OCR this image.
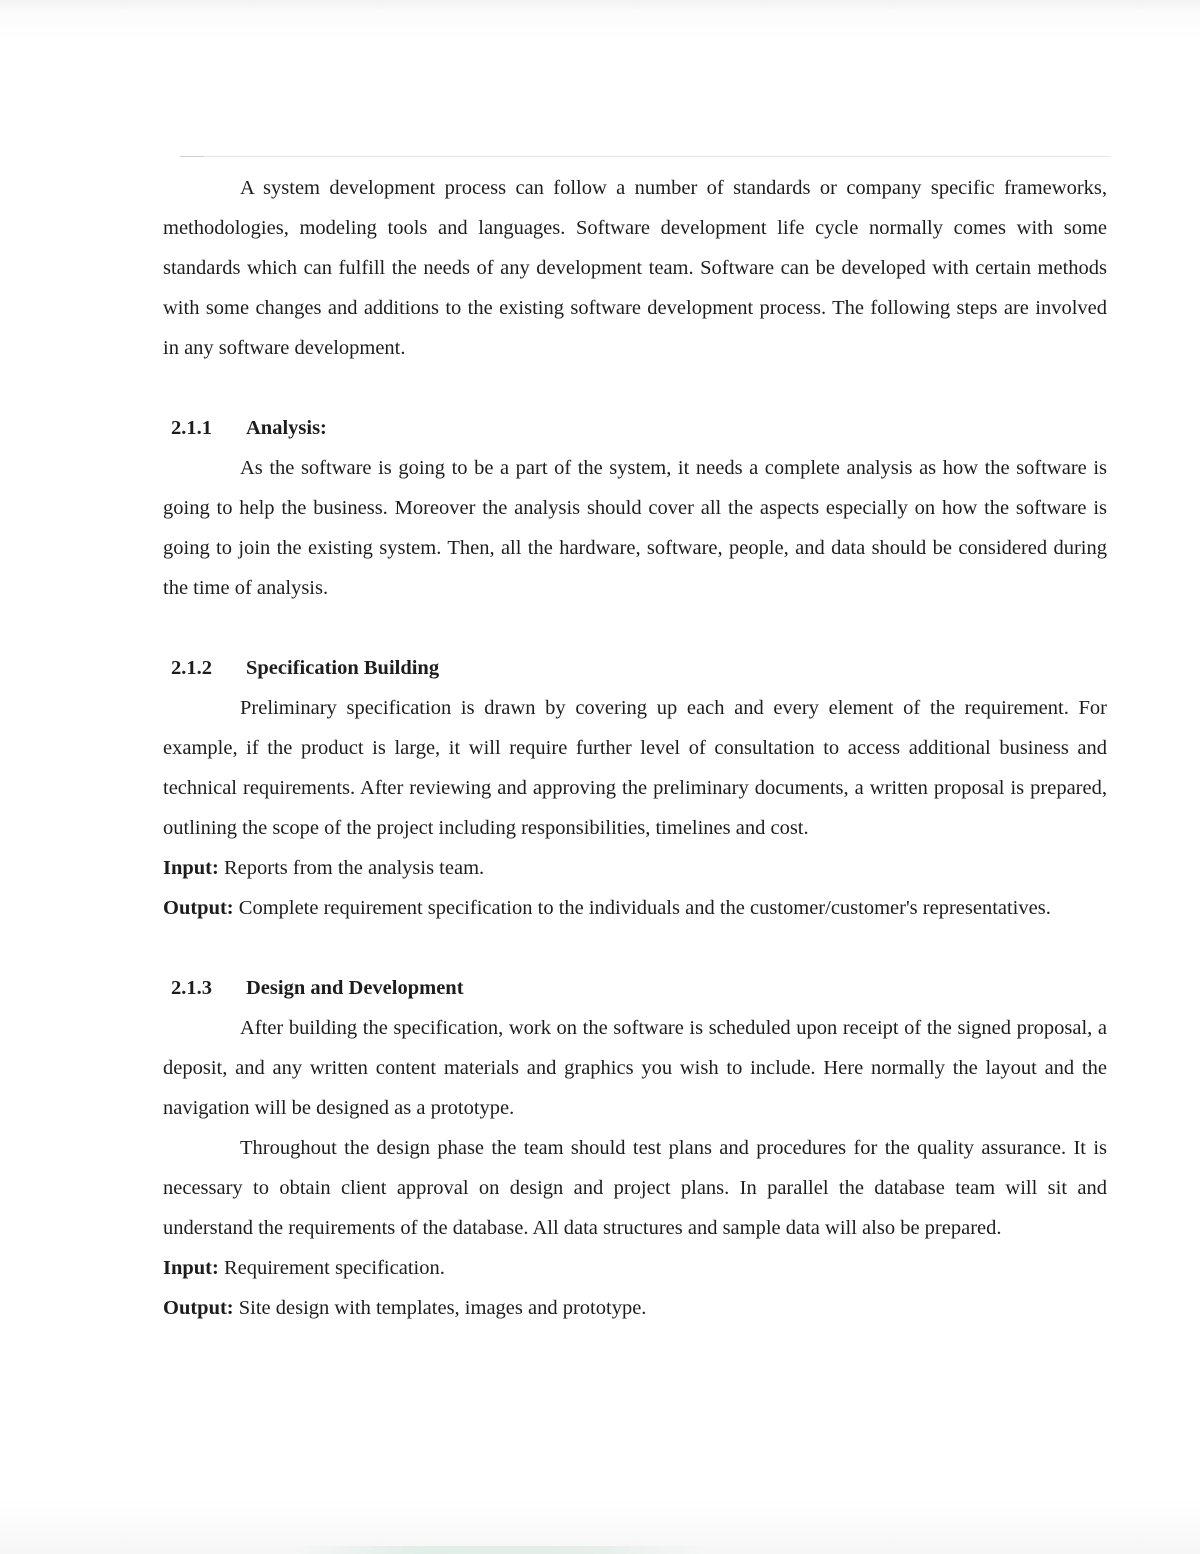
A system development process can follow a number of standards or company specific frameworks, methodologies, modeling tools and languages. Software development life cycle normally comes with some standards which can fulfill the needs of any development team. Software can be developed with certain methods with some changes and additions to the existing software development process. The following steps are involved in any software development.

2.1.1	Analysis:

As the software is going to be a part of the system, it needs a complete analysis as how the software is going to help the business. Moreover the analysis should cover all the aspects especially on how the software is going to join the existing system. Then, all the hardware, software, people, and data should be considered during the time of analysis.

2.1.2	Specification Building

Preliminary specification is drawn by covering up each and every element of the requirement. For example, if the product is large, it will require further level of consultation to access additional business and technical requirements. After reviewing and approving the preliminary documents, a written proposal is prepared, outlining the scope of the project including responsibilities, timelines and cost.

Input: Reports from the analysis team.

Output: Complete requirement specification to the individuals and the customer/customer's representatives.

2.1.3	Design and Development

After building the specification, work on the software is scheduled upon receipt of the signed proposal, a deposit, and any written content materials and graphics you wish to include. Here normally the layout and the navigation will be designed as a prototype.

Throughout the design phase the team should test plans and procedures for the quality assurance. It is necessary to obtain client approval on design and project plans. In parallel the database team will sit and understand the requirements of the database. All data structures and sample data will also be prepared.

Input: Requirement specification.

Output: Site design with templates, images and prototype.
